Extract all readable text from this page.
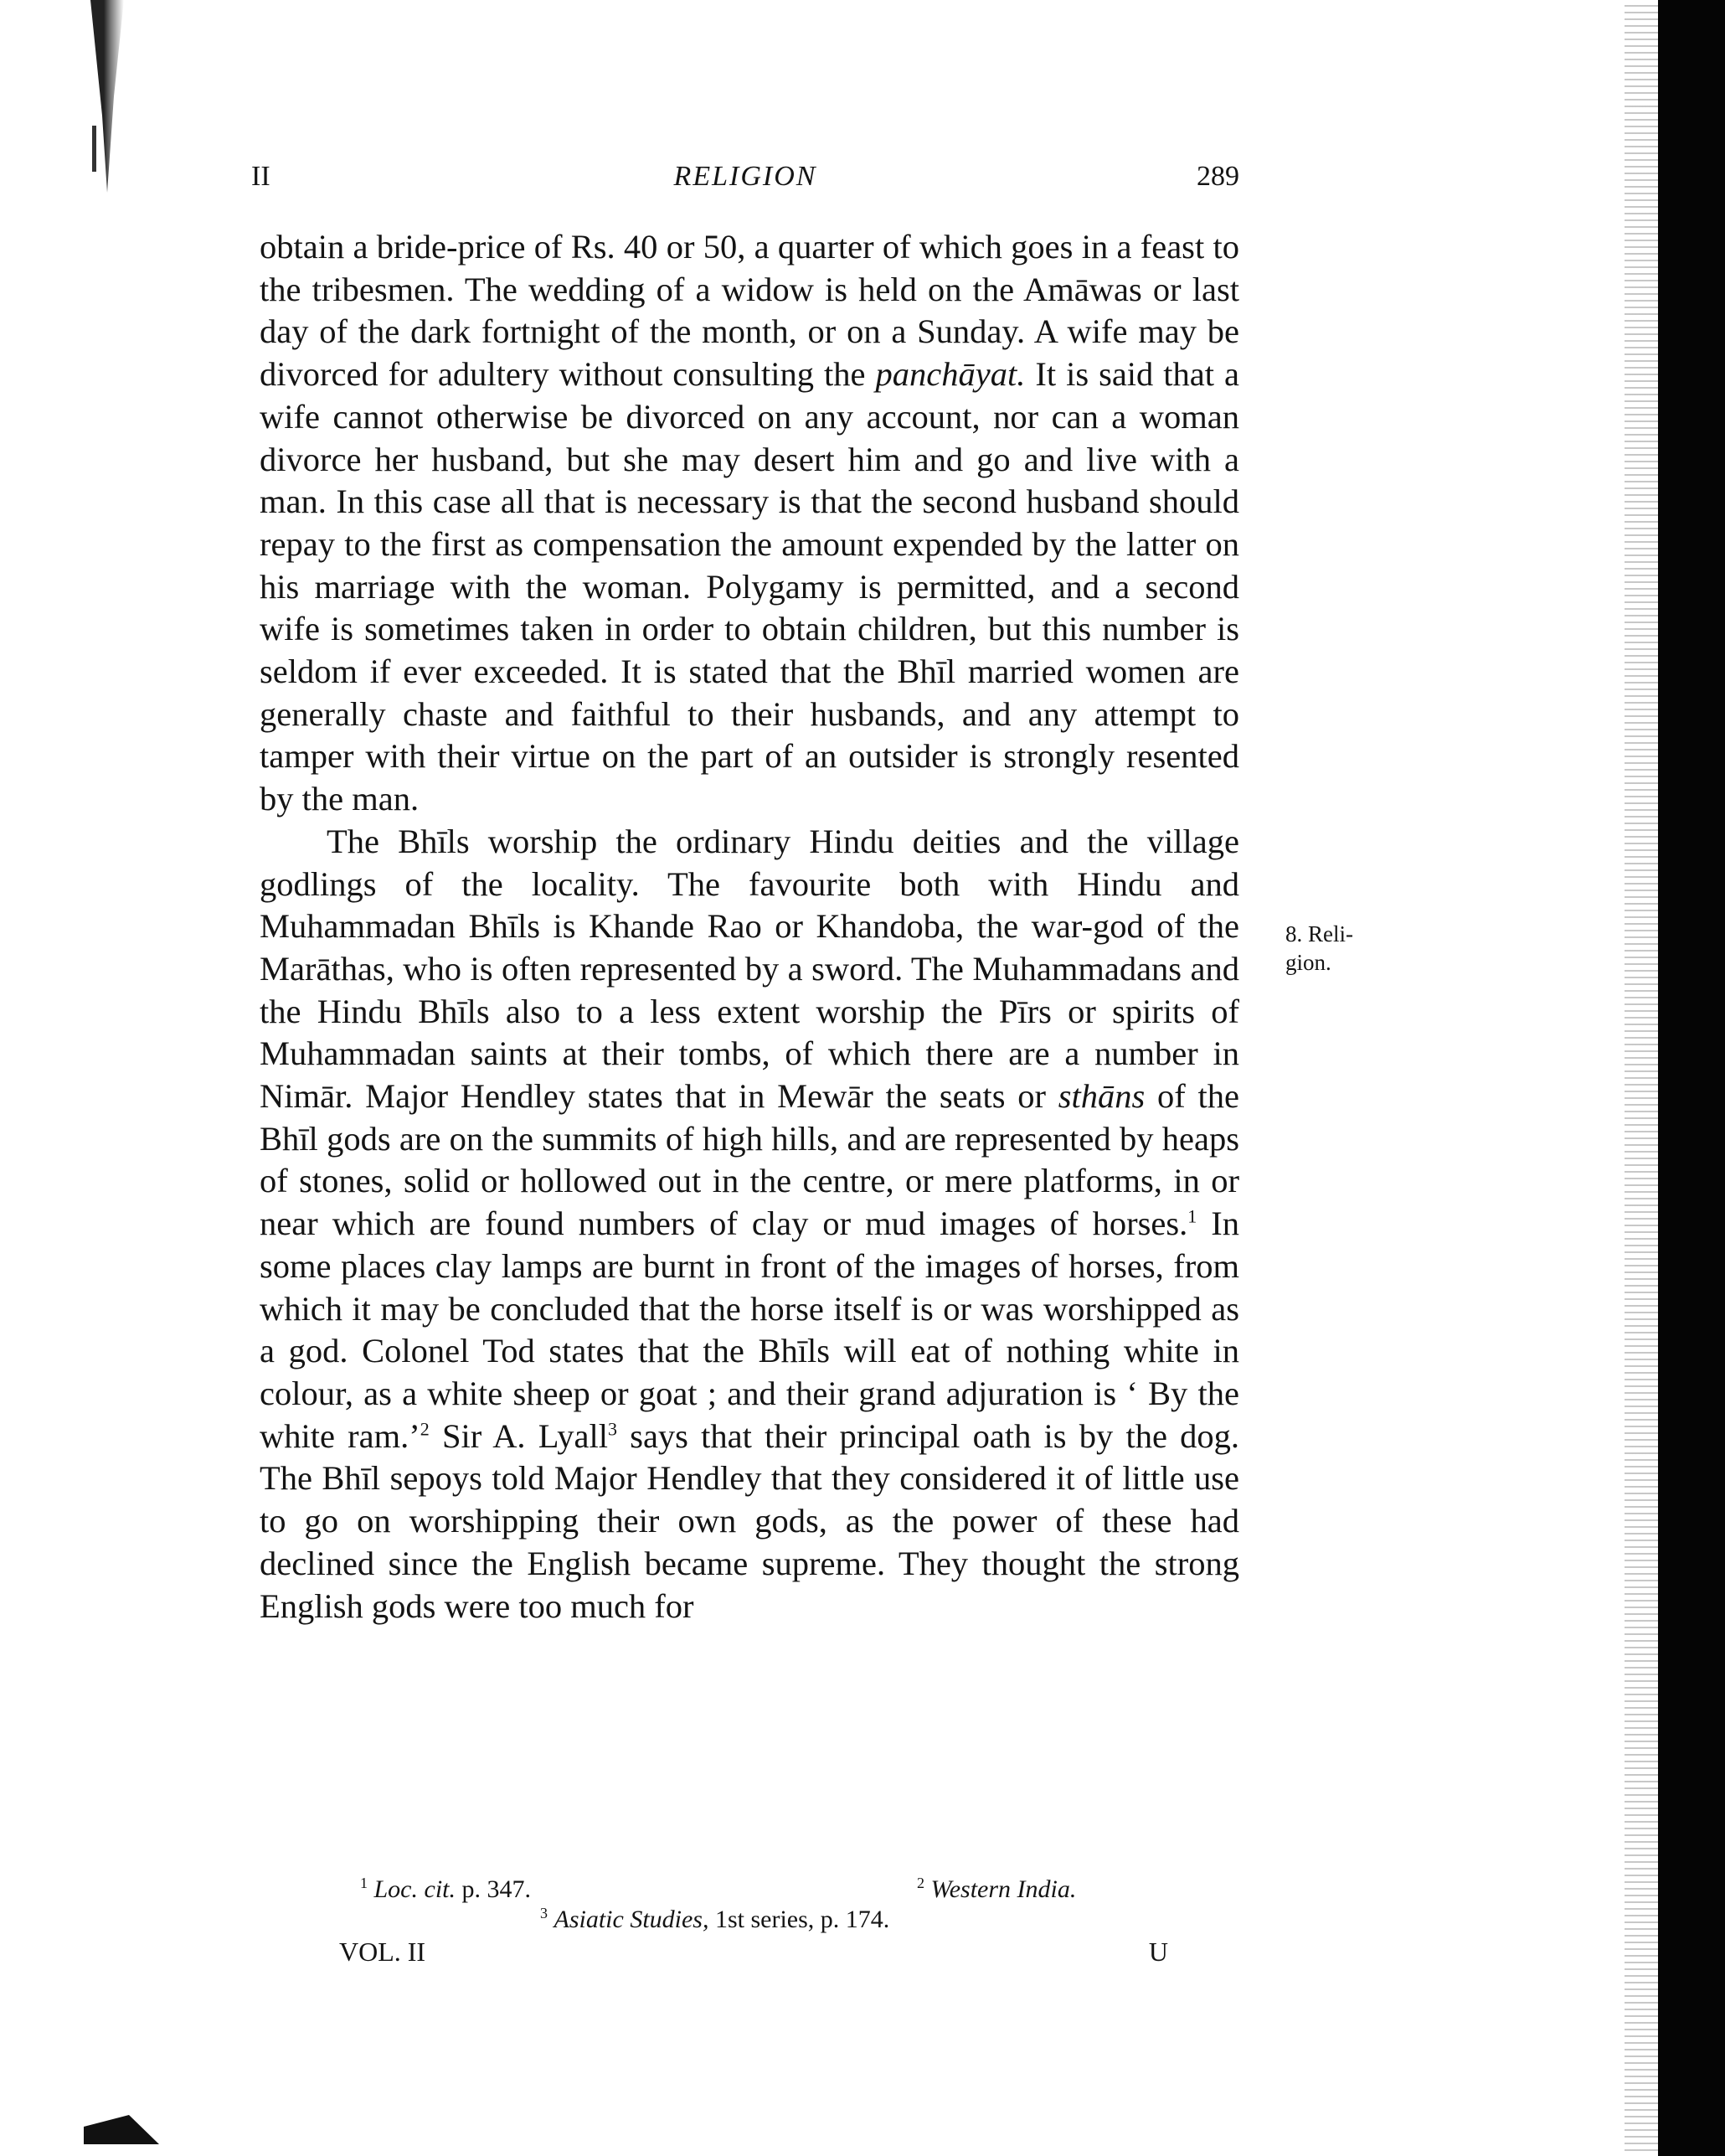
II	RELIGION	289

obtain a bride-price of Rs. 40 or 50, a quarter of which goes in a feast to the tribesmen. The wedding of a widow is held on the Amāwas or last day of the dark fortnight of the month, or on a Sunday. A wife may be divorced for adultery without consulting the panchāyat. It is said that a wife cannot otherwise be divorced on any account, nor can a woman divorce her husband, but she may desert him and go and live with a man. In this case all that is necessary is that the second husband should repay to the first as compensation the amount expended by the latter on his marriage with the woman. Polygamy is permitted, and a second wife is sometimes taken in order to obtain children, but this number is seldom if ever exceeded. It is stated that the Bhīl married women are generally chaste and faithful to their husbands, and any attempt to tamper with their virtue on the part of an outsider is strongly resented by the man.

The Bhīls worship the ordinary Hindu deities and the village godlings of the locality. The favourite both with Hindu and Muhammadan Bhīls is Khande Rao or Khandoba, the war-god of the Marāthas, who is often represented by a sword. The Muhammadans and the Hindu Bhīls also to a less extent worship the Pīrs or spirits of Muhammadan saints at their tombs, of which there are a number in Nimār. Major Hendley states that in Mewār the seats or sthāns of the Bhīl gods are on the summits of high hills, and are represented by heaps of stones, solid or hollowed out in the centre, or mere platforms, in or near which are found numbers of clay or mud images of horses.$^1$ In some places clay lamps are burnt in front of the images of horses, from which it may be concluded that the horse itself is or was worshipped as a god. Colonel Tod states that the Bhīls will eat of nothing white in colour, as a white sheep or goat ; and their grand adjuration is ‘ By the white ram.’$^2$ Sir A. Lyall$^3$ says that their principal oath is by the dog. The Bhīl sepoys told Major Hendley that they considered it of little use to go on worshipping their own gods, as the power of these had declined since the English became supreme. They thought the strong English gods were too much for

8. Reli-
gion.
$^1$ Loc. cit. p. 347.	$^2$ Western India.
$^3$ Asiatic Studies, 1st series, p. 174.
VOL. II	U
